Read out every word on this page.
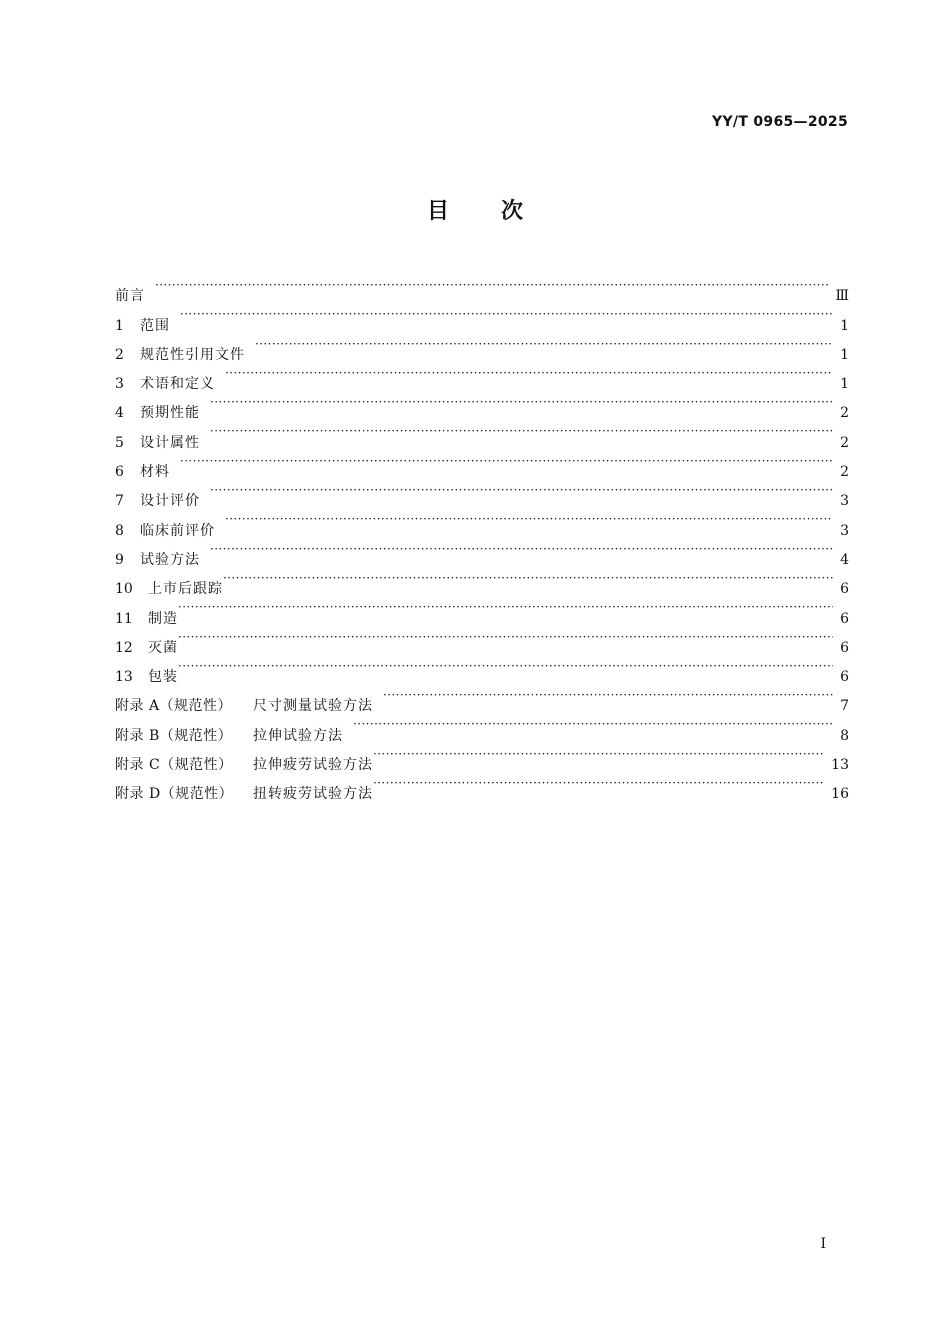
YY/T 0965—2025
目次
前言 ·····	Ⅲ
1	范围 ·····	1
2	规范性引用文件 ·····	1
3	术语和定义 ·····	1
4	预期性能 ·····	2
5	设计属性 ·····	2
6	材料 ·····	2
7	设计评价 ·····	3
8	临床前评价 ·····	3
9	试验方法 ·····	4
10	上市后跟踪 ·····	6
11	制造 ·····	6
12	灭菌 ·····	6
13	包装 ·····	6
附录 A（规范性）	尺寸测量试验方法 ·····	7
附录 B（规范性）	拉伸试验方法 ·····	8
附录 C（规范性）	拉伸疲劳试验方法 ·····	13
附录 D（规范性）	扭转疲劳试验方法 ·····	16
Ⅰ
